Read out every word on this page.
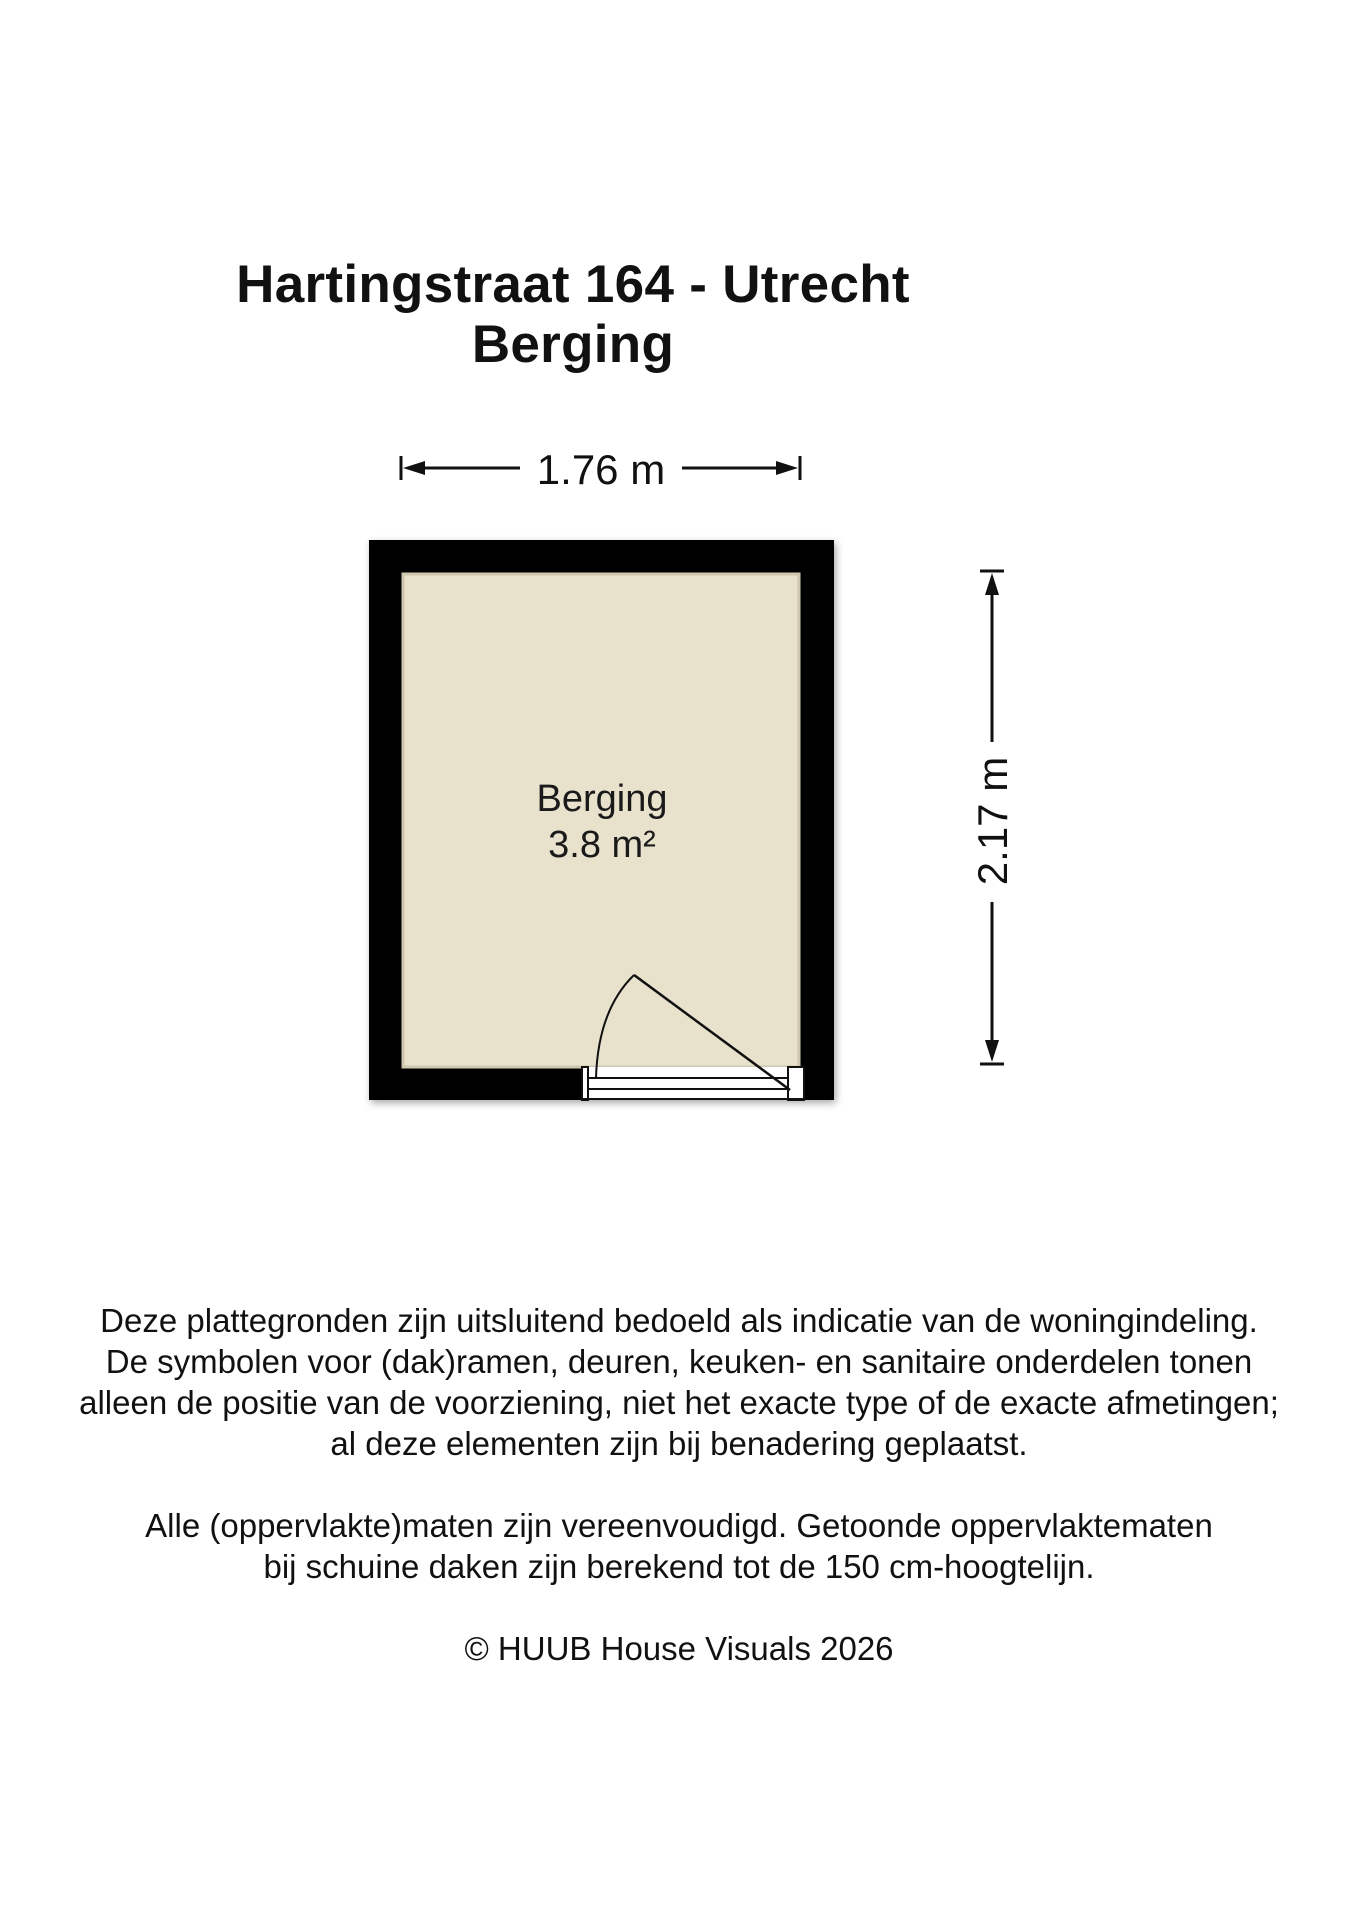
Hartingstraat 164 - Utrecht
Berging
1.76 m
2.17 m
Berging
3.8 m²

Deze plattegronden zijn uitsluitend bedoeld als indicatie van de woningindeling.
De symbolen voor (dak)ramen, deuren, keuken- en sanitaire onderdelen tonen
alleen de positie van de voorziening, niet het exacte type of de exacte afmetingen;
al deze elementen zijn bij benadering geplaatst.

Alle (oppervlakte)maten zijn vereenvoudigd. Getoonde oppervlaktematen
bij schuine daken zijn berekend tot de 150 cm-hoogtelijn.

© HUUB House Visuals 2026
